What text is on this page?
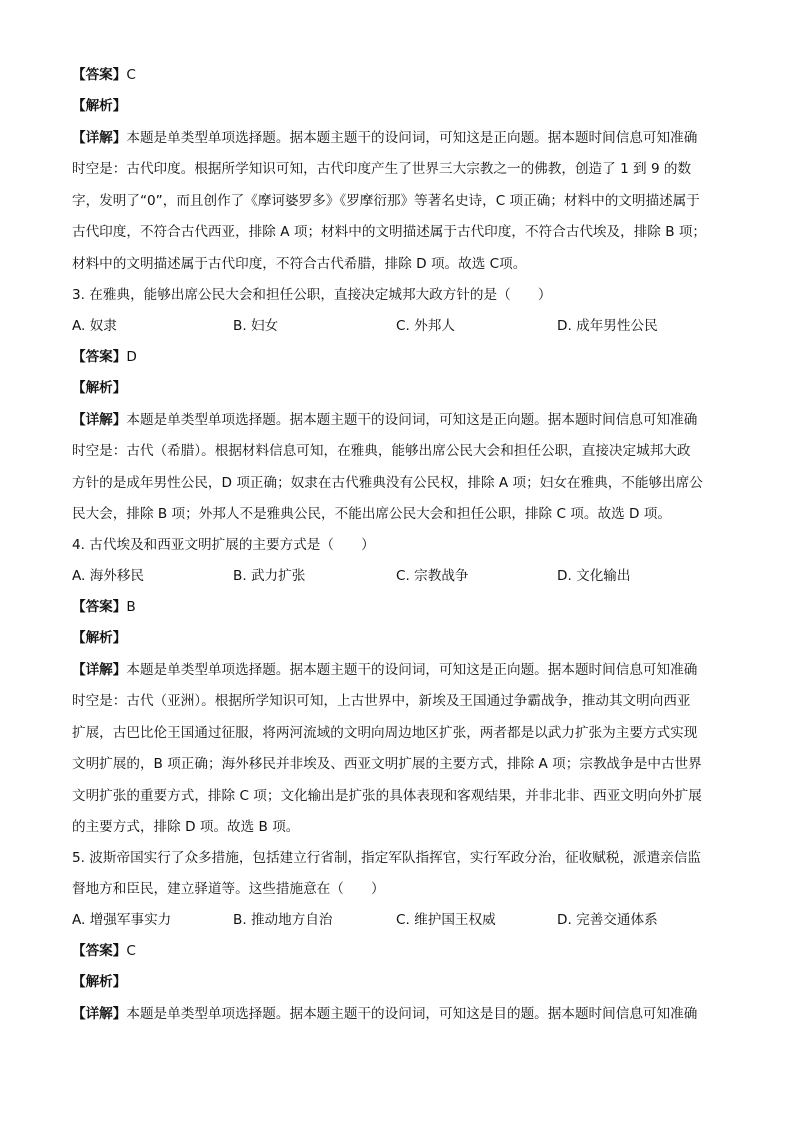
【答案】C
【解析】
【详解】本题是单类型单项选择题。据本题主题干的设问词，可知这是正向题。据本题时间信息可知准确
时空是：古代印度。根据所学知识可知，古代印度产生了世界三大宗教之一的佛教，创造了 1 到 9 的数
字，发明了“0”，而且创作了《摩诃婆罗多》《罗摩衍那》等著名史诗，C 项正确；材料中的文明描述属于
古代印度，不符合古代西亚，排除 A 项；材料中的文明描述属于古代印度，不符合古代埃及，排除 B 项；
材料中的文明描述属于古代印度，不符合古代希腊，排除 D 项。故选 C项。
3. 在雅典，能够出席公民大会和担任公职，直接决定城邦大政方针的是（　　）
A. 奴隶	B. 妇女	C. 外邦人	D. 成年男性公民
【答案】D
【解析】
【详解】本题是单类型单项选择题。据本题主题干的设问词，可知这是正向题。据本题时间信息可知准确
时空是：古代（希腊）。根据材料信息可知，在雅典，能够出席公民大会和担任公职，直接决定城邦大政
方针的是成年男性公民，D 项正确；奴隶在古代雅典没有公民权，排除 A 项；妇女在雅典，不能够出席公
民大会，排除 B 项；外邦人不是雅典公民，不能出席公民大会和担任公职，排除 C 项。故选 D 项。
4. 古代埃及和西亚文明扩展的主要方式是（　　）
A. 海外移民	B. 武力扩张	C. 宗教战争	D. 文化输出
【答案】B
【解析】
【详解】本题是单类型单项选择题。据本题主题干的设问词，可知这是正向题。据本题时间信息可知准确
时空是：古代（亚洲）。根据所学知识可知，上古世界中，新埃及王国通过争霸战争，推动其文明向西亚
扩展，古巴比伦王国通过征服，将两河流域的文明向周边地区扩张，两者都是以武力扩张为主要方式实现
文明扩展的，B 项正确；海外移民并非埃及、西亚文明扩展的主要方式，排除 A 项；宗教战争是中古世界
文明扩张的重要方式，排除 C 项；文化输出是扩张的具体表现和客观结果，并非北非、西亚文明向外扩展
的主要方式，排除 D 项。故选 B 项。
5. 波斯帝国实行了众多措施，包括建立行省制，指定军队指挥官，实行军政分治，征收赋税，派遣亲信监
督地方和臣民，建立驿道等。这些措施意在（　　）
A. 增强军事实力	B. 推动地方自治	C. 维护国王权威	D. 完善交通体系
【答案】C
【解析】
【详解】本题是单类型单项选择题。据本题主题干的设问词，可知这是目的题。据本题时间信息可知准确
